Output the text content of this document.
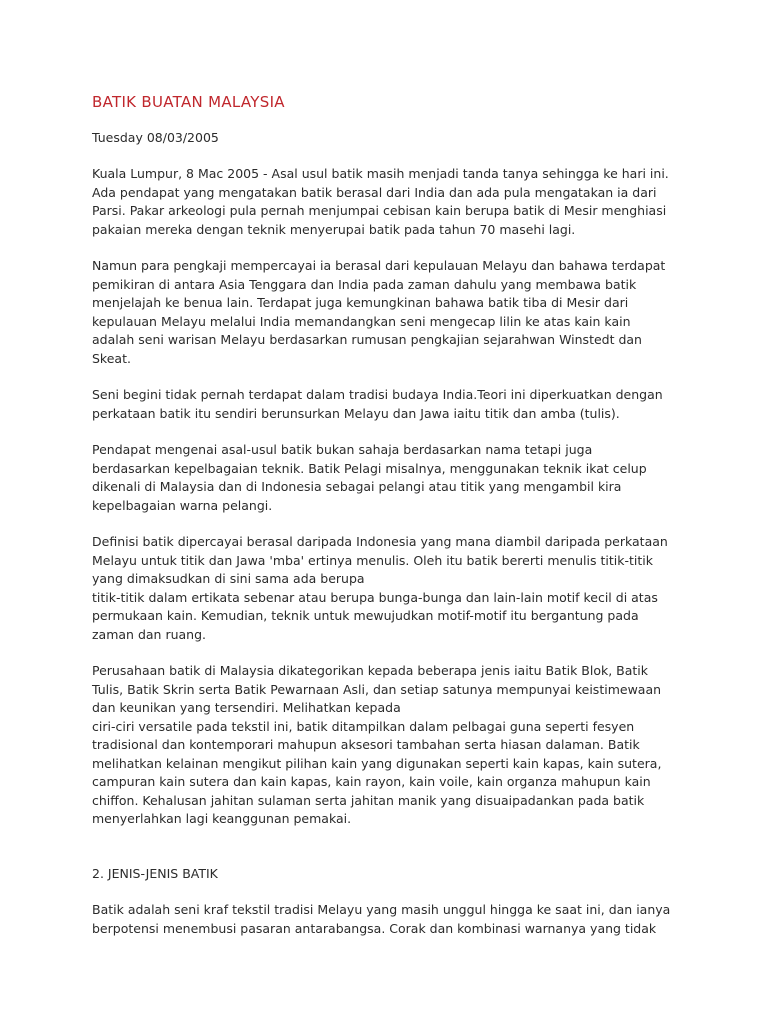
BATIK BUATAN MALAYSIA
Tuesday 08/03/2005
Kuala Lumpur, 8 Mac 2005 - Asal usul batik masih menjadi tanda tanya sehingga ke hari ini.
Ada pendapat yang mengatakan batik berasal dari India dan ada pula mengatakan ia dari
Parsi. Pakar arkeologi pula pernah menjumpai cebisan kain berupa batik di Mesir menghiasi
pakaian mereka dengan teknik menyerupai batik pada tahun 70 masehi lagi.
Namun para pengkaji mempercayai ia berasal dari kepulauan Melayu dan bahawa terdapat
pemikiran di antara Asia Tenggara dan India pada zaman dahulu yang membawa batik
menjelajah ke benua lain. Terdapat juga kemungkinan bahawa batik tiba di Mesir dari
kepulauan Melayu melalui India memandangkan seni mengecap lilin ke atas kain kain
adalah seni warisan Melayu berdasarkan rumusan pengkajian sejarahwan Winstedt dan
Skeat.
Seni begini tidak pernah terdapat dalam tradisi budaya India.Teori ini diperkuatkan dengan
perkataan batik itu sendiri berunsurkan Melayu dan Jawa iaitu titik dan amba (tulis).
Pendapat mengenai asal-usul batik bukan sahaja berdasarkan nama tetapi juga
berdasarkan kepelbagaian teknik. Batik Pelagi misalnya, menggunakan teknik ikat celup
dikenali di Malaysia dan di Indonesia sebagai pelangi atau titik yang mengambil kira
kepelbagaian warna pelangi.
Definisi batik dipercayai berasal daripada Indonesia yang mana diambil daripada perkataan
Melayu untuk titik dan Jawa 'mba' ertinya menulis. Oleh itu batik bererti menulis titik-titik
yang dimaksudkan di sini sama ada berupa
titik-titik dalam ertikata sebenar atau berupa bunga-bunga dan lain-lain motif kecil di atas
permukaan kain. Kemudian, teknik untuk mewujudkan motif-motif itu bergantung pada
zaman dan ruang.
Perusahaan batik di Malaysia dikategorikan kepada beberapa jenis iaitu Batik Blok, Batik
Tulis, Batik Skrin serta Batik Pewarnaan Asli, dan setiap satunya mempunyai keistimewaan
dan keunikan yang tersendiri. Melihatkan kepada
ciri-ciri versatile pada tekstil ini, batik ditampilkan dalam pelbagai guna seperti fesyen
tradisional dan kontemporari mahupun aksesori tambahan serta hiasan dalaman. Batik
melihatkan kelainan mengikut pilihan kain yang digunakan seperti kain kapas, kain sutera,
campuran kain sutera dan kain kapas, kain rayon, kain voile, kain organza mahupun kain
chiffon. Kehalusan jahitan sulaman serta jahitan manik yang disuaipadankan pada batik
menyerlahkan lagi keanggunan pemakai.
2. JENIS-JENIS BATIK
Batik adalah seni kraf tekstil tradisi Melayu yang masih unggul hingga ke saat ini, dan ianya
berpotensi menembusi pasaran antarabangsa. Corak dan kombinasi warnanya yang tidak
